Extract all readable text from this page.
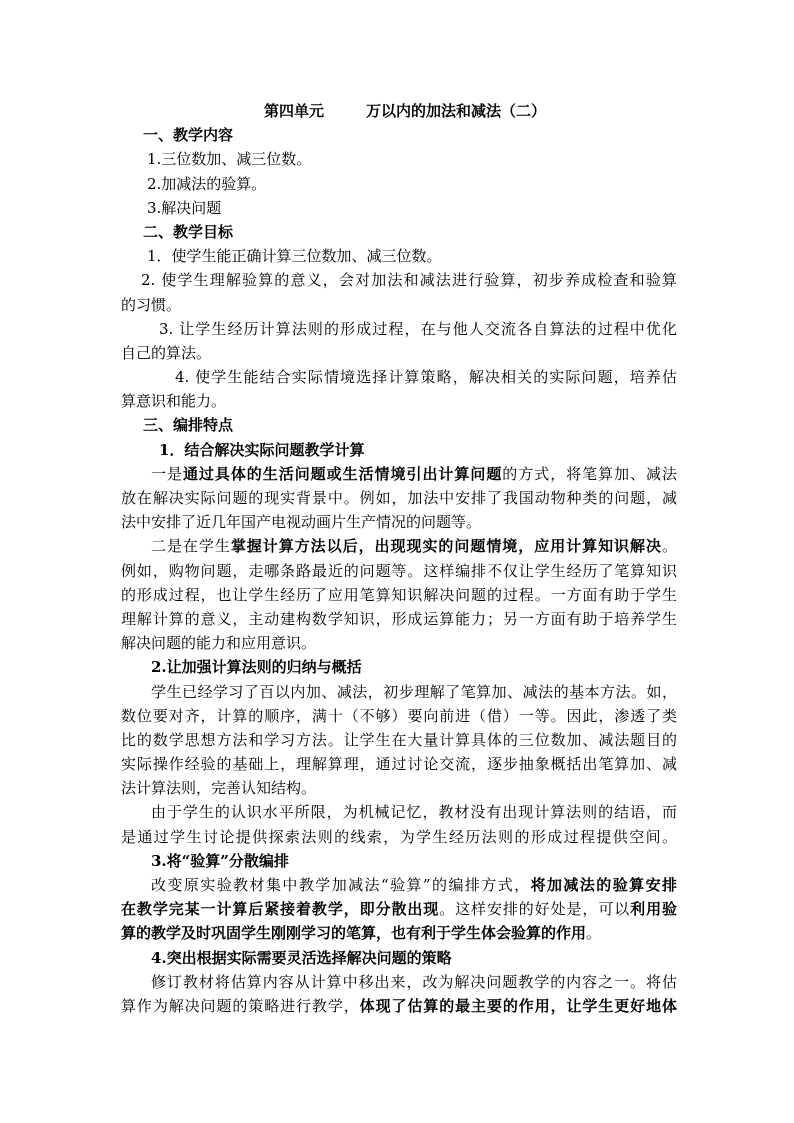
第四单元	万以内的加法和减法（二）
一、教学内容
1.三位数加、减三位数。
2.加减法的验算。
3.解决问题
二、教学目标
1．使学生能正确计算三位数加、减三位数。
2. 使学生理解验算的意义，会对加法和减法进行验算，初步养成检查和验算
的习惯。
3. 让学生经历计算法则的形成过程，在与他人交流各自算法的过程中优化
自己的算法。
4. 使学生能结合实际情境选择计算策略，解决相关的实际问题，培养估
算意识和能力。
三、编排特点
1．结合解决实际问题教学计算
一是通过具体的生活问题或生活情境引出计算问题的方式，将笔算加、减法
放在解决实际问题的现实背景中。例如，加法中安排了我国动物种类的问题，减
法中安排了近几年国产电视动画片生产情况的问题等。
二是在学生掌握计算方法以后，出现现实的问题情境，应用计算知识解决。
例如，购物问题，走哪条路最近的问题等。这样编排不仅让学生经历了笔算知识
的形成过程，也让学生经历了应用笔算知识解决问题的过程。一方面有助于学生
理解计算的意义，主动建构数学知识，形成运算能力；另一方面有助于培养学生
解决问题的能力和应用意识。
2.让加强计算法则的归纳与概括
学生已经学习了百以内加、减法，初步理解了笔算加、减法的基本方法。如，
数位要对齐，计算的顺序，满十（不够）要向前进（借）一等。因此，渗透了类
比的数学思想方法和学习方法。让学生在大量计算具体的三位数加、减法题目的
实际操作经验的基础上，理解算理，通过讨论交流，逐步抽象概括出笔算加、减
法计算法则，完善认知结构。
由于学生的认识水平所限，为机械记忆，教材没有出现计算法则的结语，而
是通过学生讨论提供探索法则的线索，为学生经历法则的形成过程提供空间。
3.将“验算”分散编排
改变原实验教材集中教学加减法“验算”的编排方式，将加减法的验算安排
在教学完某一计算后紧接着教学，即分散出现。这样安排的好处是，可以利用验
算的教学及时巩固学生刚刚学习的笔算，也有利于学生体会验算的作用。
4.突出根据实际需要灵活选择解决问题的策略
修订教材将估算内容从计算中移出来，改为解决问题教学的内容之一。将估
算作为解决问题的策略进行教学，体现了估算的最主要的作用，让学生更好地体
